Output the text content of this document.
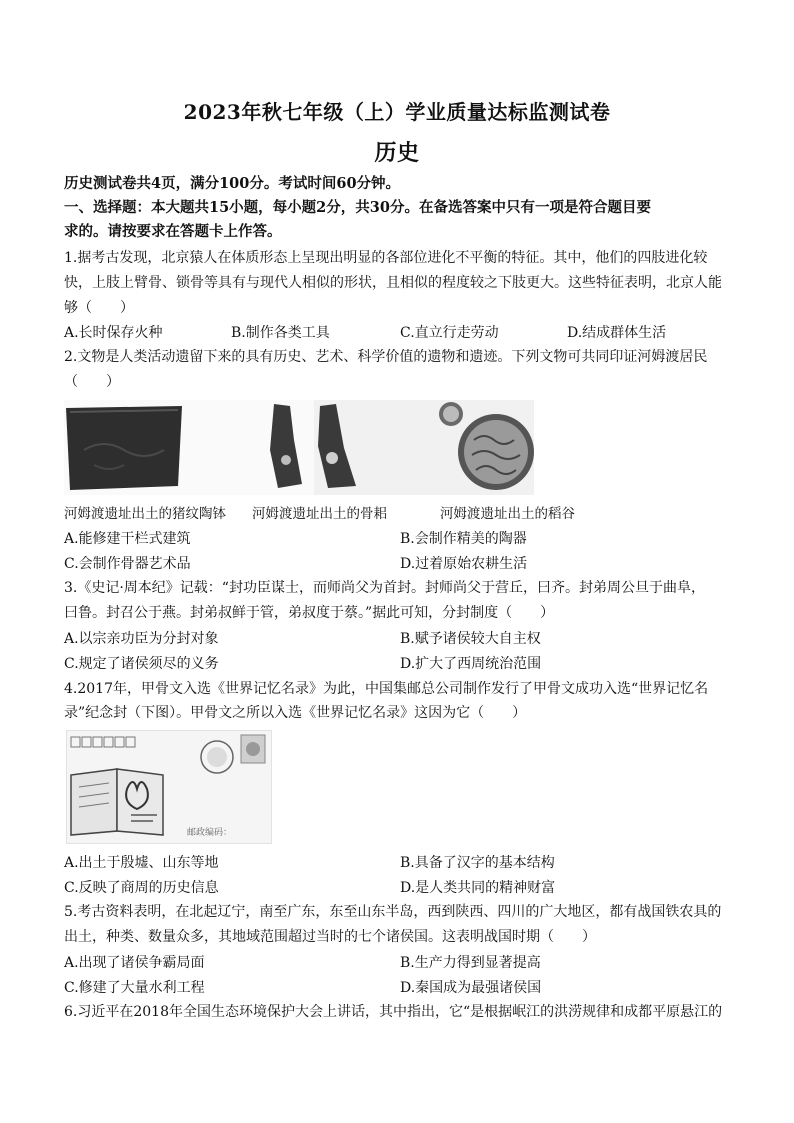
2023年秋七年级（上）学业质量达标监测试卷
历史
历史测试卷共4页，满分100分。考试时间60分钟。
一、选择题：本大题共15小题，每小题2分，共30分。在备选答案中只有一项是符合题目要
求的。请按要求在答题卡上作答。
1.据考古发现，北京猿人在体质形态上呈现出明显的各部位进化不平衡的特征。其中，他们的四肢进化较
快，上肢上臂骨、锁骨等具有与现代人相似的形状，且相似的程度较之下肢更大。这些特征表明，北京人能
够（　　）
A.长时保存火种	B.制作各类工具	C.直立行走劳动	D.结成群体生活
2.文物是人类活动遗留下来的具有历史、艺术、科学价值的遗物和遗迹。下列文物可共同印证河姆渡居民
（　　）
河姆渡遗址出土的猪纹陶钵 河姆渡遗址出土的骨耜	河姆渡遗址出土的稻谷
A.能修建干栏式建筑	B.会制作精美的陶器
C.会制作骨器艺术品	D.过着原始农耕生活
3.《史记·周本纪》记载：“封功臣谋士，而师尚父为首封。封师尚父于营丘，曰齐。封弟周公旦于曲阜，
曰鲁。封召公于燕。封弟叔鲜于管，弟叔度于蔡。”据此可知，分封制度（　　）
A.以宗亲功臣为分封对象	B.赋予诸侯较大自主权
C.规定了诸侯须尽的义务	D.扩大了西周统治范围
4.2017年，甲骨文入选《世界记忆名录》为此，中国集邮总公司制作发行了甲骨文成功入选“世界记忆名
录”纪念封（下图）。甲骨文之所以入选《世界记忆名录》这因为它（　　）
邮政编码：
A.出土于殷墟、山东等地	B.具备了汉字的基本结构
C.反映了商周的历史信息	D.是人类共同的精神财富
5.考古资料表明，在北起辽宁，南至广东，东至山东半岛，西到陕西、四川的广大地区，都有战国铁农具的
出土，种类、数量众多，其地域范围超过当时的七个诸侯国。这表明战国时期（　　）
A.出现了诸侯争霸局面	B.生产力得到显著提高
C.修建了大量水利工程	D.秦国成为最强诸侯国
6.习近平在2018年全国生态环境保护大会上讲话，其中指出，它“是根据岷江的洪涝规律和成都平原悬江的
